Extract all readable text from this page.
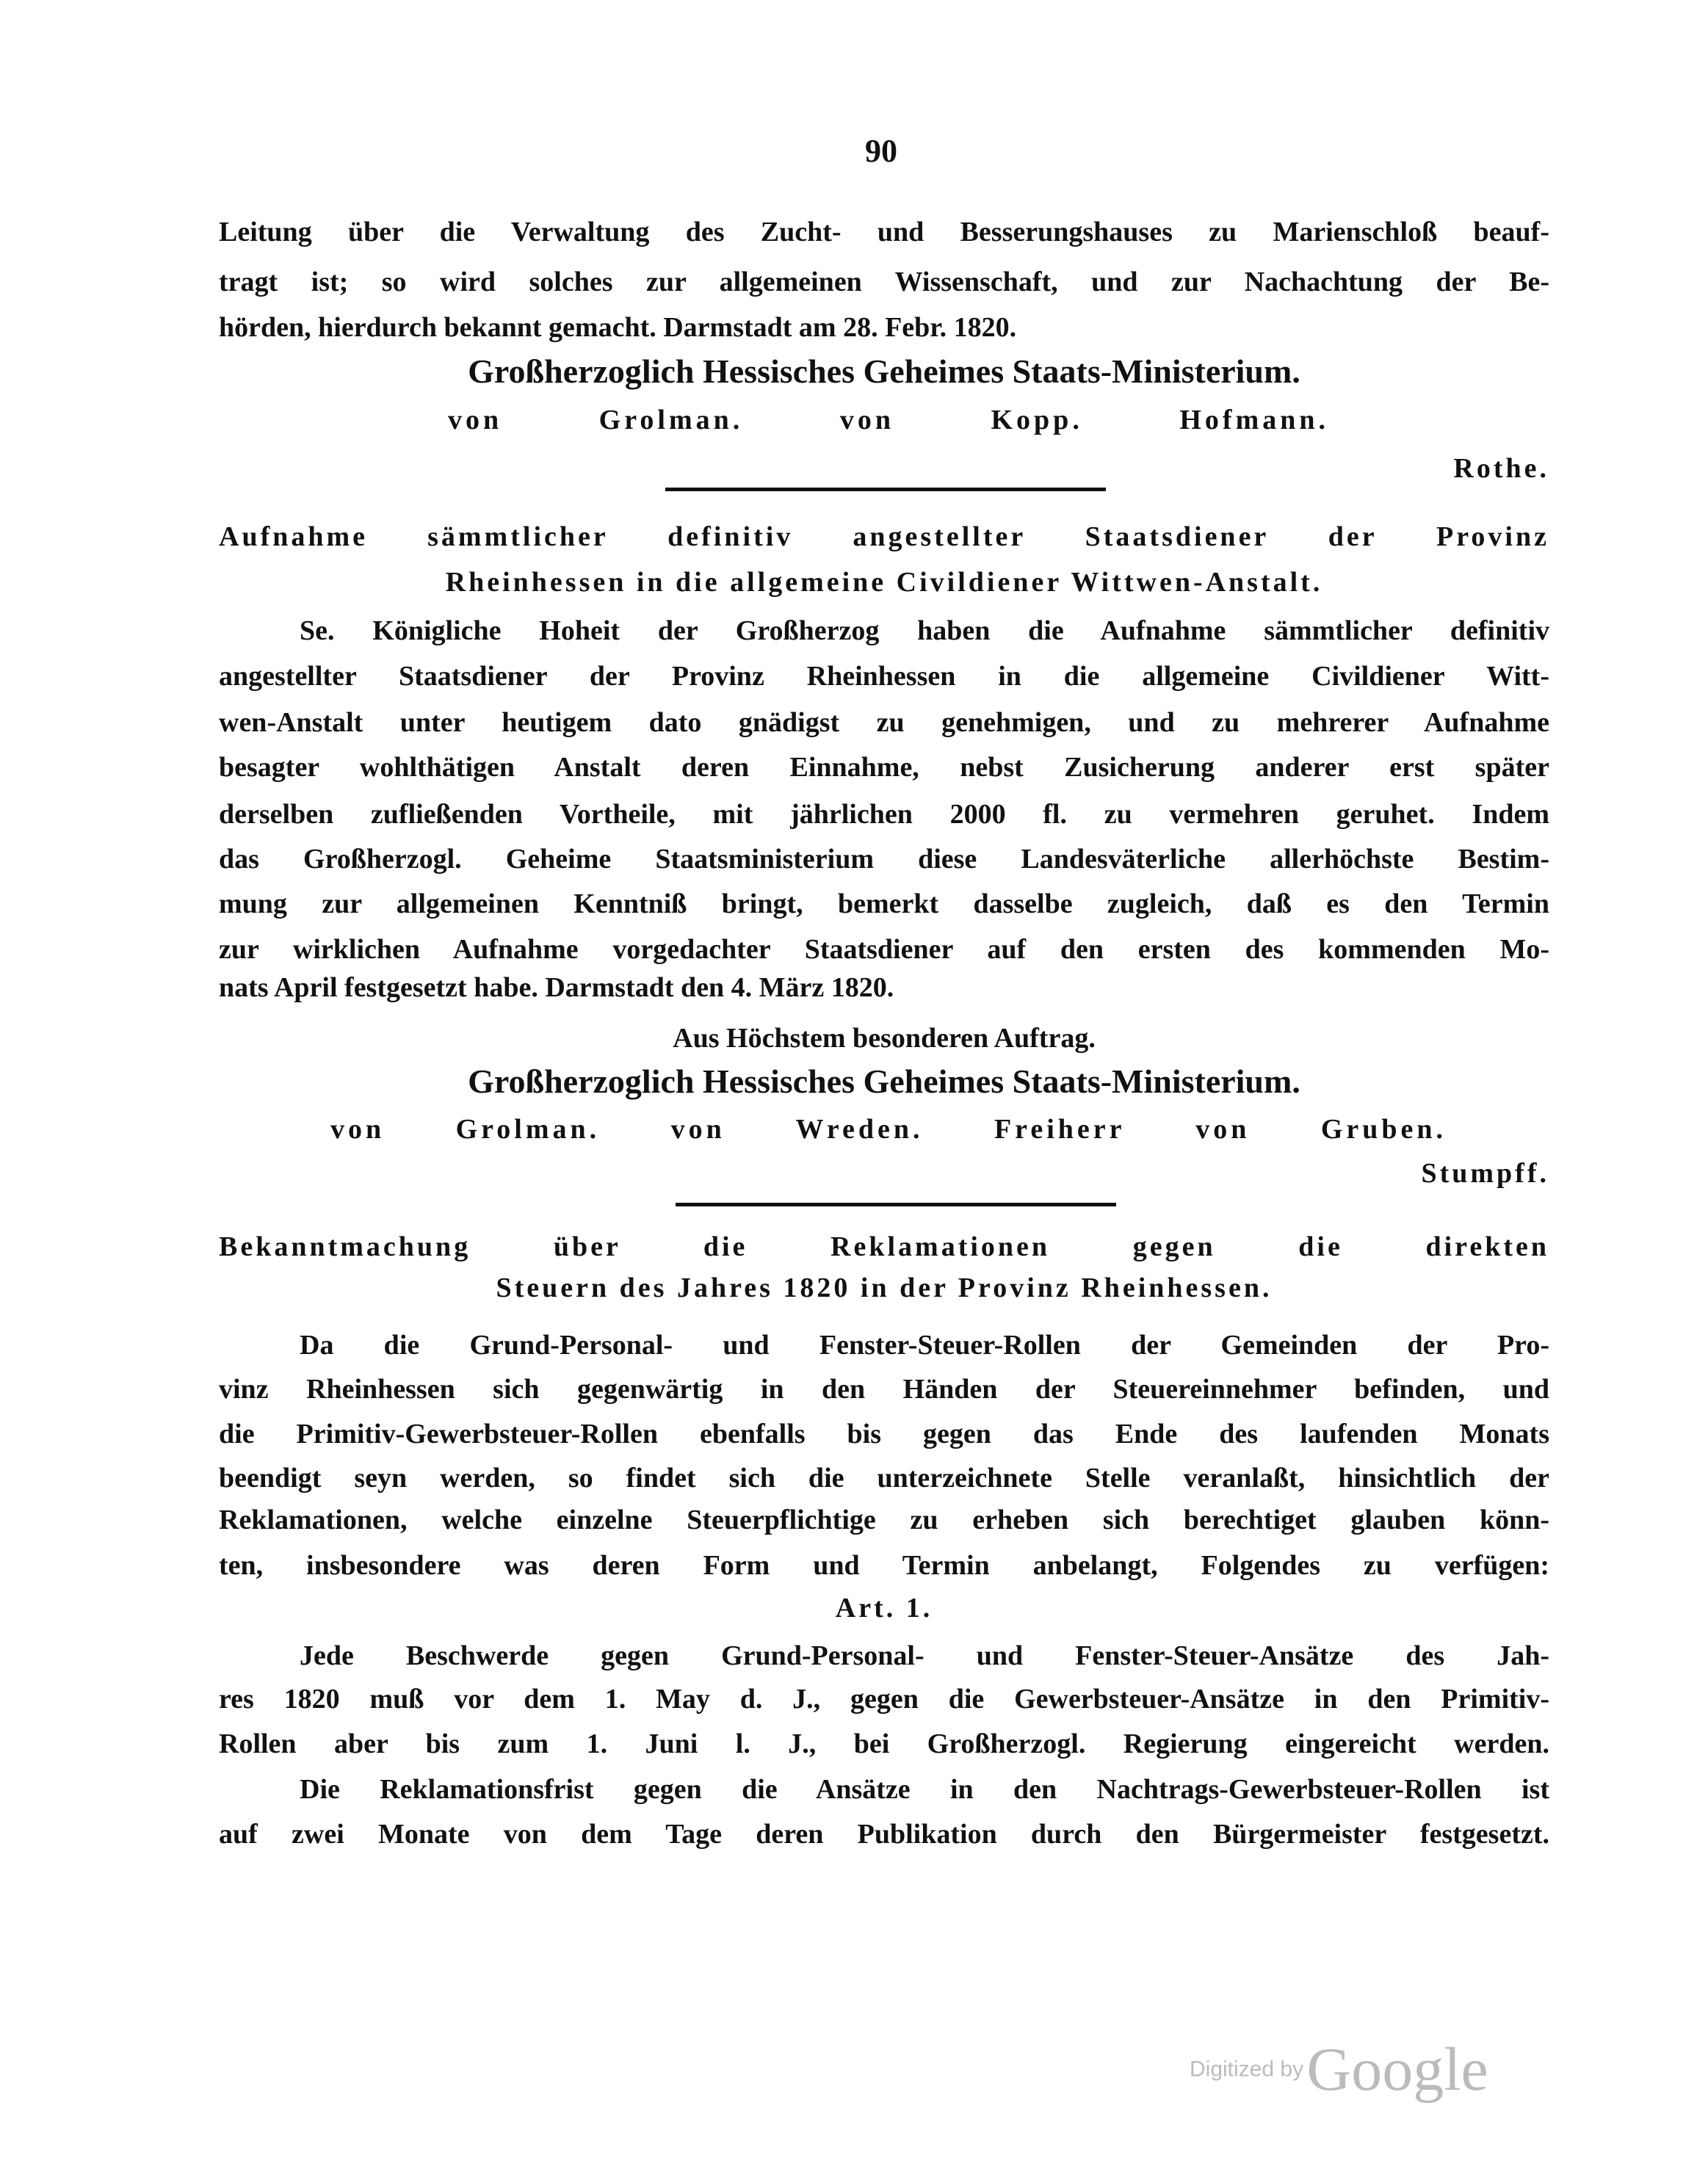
90
Leitung über die Verwaltung des Zucht- und Besserungshauses zu Marienschloß beauf-
tragt ist; so wird solches zur allgemeinen Wissenschaft, und zur Nachachtung der Be-
hörden, hierdurch bekannt gemacht. Darmstadt am 28. Febr. 1820.
Großherzoglich Hessisches Geheimes Staats-Ministerium.
von Grolman.	von Kopp.	Hofmann.
Rothe.
Aufnahme sämmtlicher definitiv angestellter Staatsdiener der Provinz
Rheinhessen in die allgemeine Civildiener Wittwen-Anstalt.
Se. Königliche Hoheit der Großherzog haben die Aufnahme sämmtlicher definitiv
angestellter Staatsdiener der Provinz Rheinhessen in die allgemeine Civildiener Witt-
wen-Anstalt unter heutigem dato gnädigst zu genehmigen, und zu mehrerer Aufnahme
besagter wohlthätigen Anstalt deren Einnahme, nebst Zusicherung anderer erst später
derselben zufließenden Vortheile, mit jährlichen 2000 fl. zu vermehren geruhet. Indem
das Großherzogl. Geheime Staatsministerium diese Landesväterliche allerhöchste Bestim-
mung zur allgemeinen Kenntniß bringt, bemerkt dasselbe zugleich, daß es den Termin
zur wirklichen Aufnahme vorgedachter Staatsdiener auf den ersten des kommenden Mo-
nats April festgesetzt habe. Darmstadt den 4. März 1820.
Aus Höchstem besonderen Auftrag.
Großherzoglich Hessisches Geheimes Staats-Ministerium.
von Grolman.	von Wreden.	Freiherr von Gruben.
Stumpff.
Bekanntmachung über die Reklamationen gegen die direkten
Steuern des Jahres 1820 in der Provinz Rheinhessen.
Da die Grund-Personal- und Fenster-Steuer-Rollen der Gemeinden der Pro-
vinz Rheinhessen sich gegenwärtig in den Händen der Steuereinnehmer befinden, und
die Primitiv-Gewerbsteuer-Rollen ebenfalls bis gegen das Ende des laufenden Monats
beendigt seyn werden, so findet sich die unterzeichnete Stelle veranlaßt, hinsichtlich der
Reklamationen, welche einzelne Steuerpflichtige zu erheben sich berechtiget glauben könn-
ten, insbesondere was deren Form und Termin anbelangt, Folgendes zu verfügen:
Art. 1.
Jede Beschwerde gegen Grund-Personal- und Fenster-Steuer-Ansätze des Jah-
res 1820 muß vor dem 1. May d. J., gegen die Gewerbsteuer-Ansätze in den Primitiv-
Rollen aber bis zum 1. Juni l. J., bei Großherzogl. Regierung eingereicht werden.
Die Reklamationsfrist gegen die Ansätze in den Nachtrags-Gewerbsteuer-Rollen ist
auf zwei Monate von dem Tage deren Publikation durch den Bürgermeister festgesetzt.
Digitized by Google
